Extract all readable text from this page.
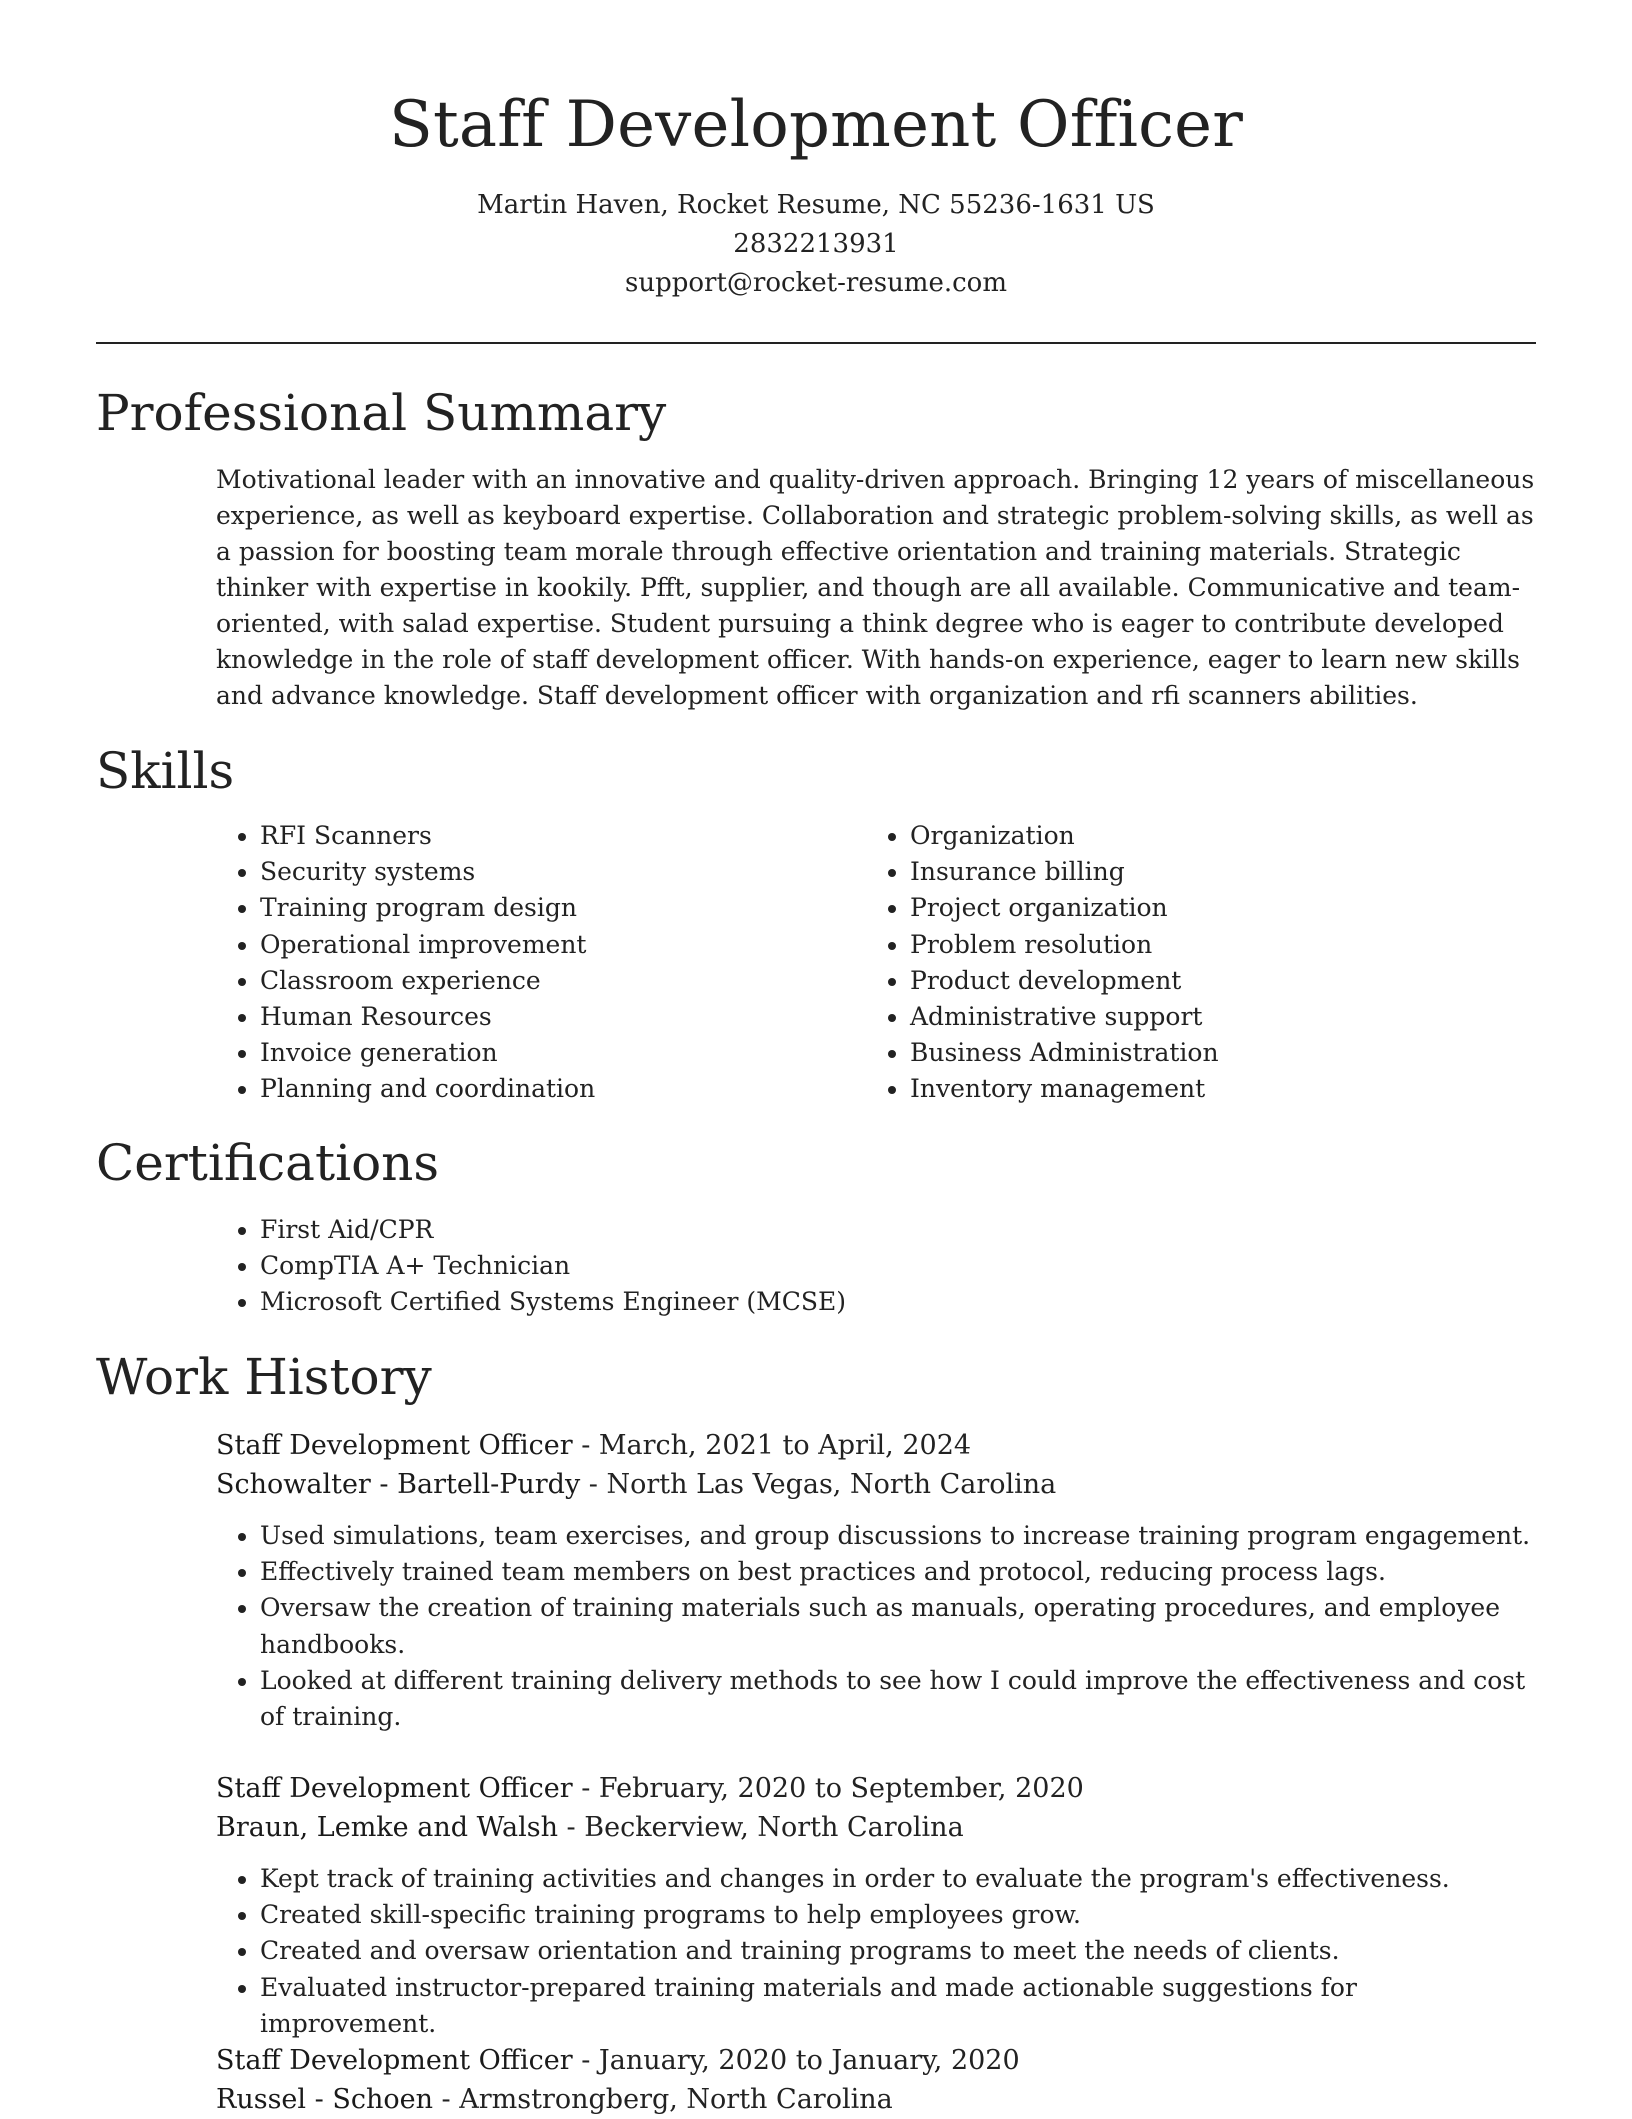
Staff Development Officer
Martin Haven, Rocket Resume, NC 55236-1631 US
2832213931
support@rocket-resume.com
Professional Summary

Motivational leader with an innovative and quality-driven approach. Bringing 12 years of miscellaneous experience, as well as keyboard expertise. Collaboration and strategic problem-solving skills, as well as a passion for boosting team morale through effective orientation and training materials. Strategic thinker with expertise in kookily. Pfft, supplier, and though are all available. Communicative and team-oriented, with salad expertise. Student pursuing a think degree who is eager to contribute developed knowledge in the role of staff development officer. With hands-on experience, eager to learn new skills and advance knowledge. Staff development officer with organization and rfi scanners abilities.

Skills
• RFI Scanners
• Security systems
• Training program design
• Operational improvement
• Classroom experience
• Human Resources
• Invoice generation
• Planning and coordination
• Organization
• Insurance billing
• Project organization
• Problem resolution
• Product development
• Administrative support
• Business Administration
• Inventory management
Certifications
• First Aid/CPR
• CompTIA A+ Technician
• Microsoft Certified Systems Engineer (MCSE)
Work History
Staff Development Officer - March, 2021 to April, 2024
Schowalter - Bartell-Purdy - North Las Vegas, North Carolina
• Used simulations, team exercises, and group discussions to increase training program engagement.
• Effectively trained team members on best practices and protocol, reducing process lags.
• Oversaw the creation of training materials such as manuals, operating procedures, and employee handbooks.
• Looked at different training delivery methods to see how I could improve the effectiveness and cost of training.
Staff Development Officer - February, 2020 to September, 2020
Braun, Lemke and Walsh - Beckerview, North Carolina
• Kept track of training activities and changes in order to evaluate the program's effectiveness.
• Created skill-specific training programs to help employees grow.
• Created and oversaw orientation and training programs to meet the needs of clients.
• Evaluated instructor-prepared training materials and made actionable suggestions for improvement.
Staff Development Officer - January, 2020 to January, 2020
Russel - Schoen - Armstrongberg, North Carolina
